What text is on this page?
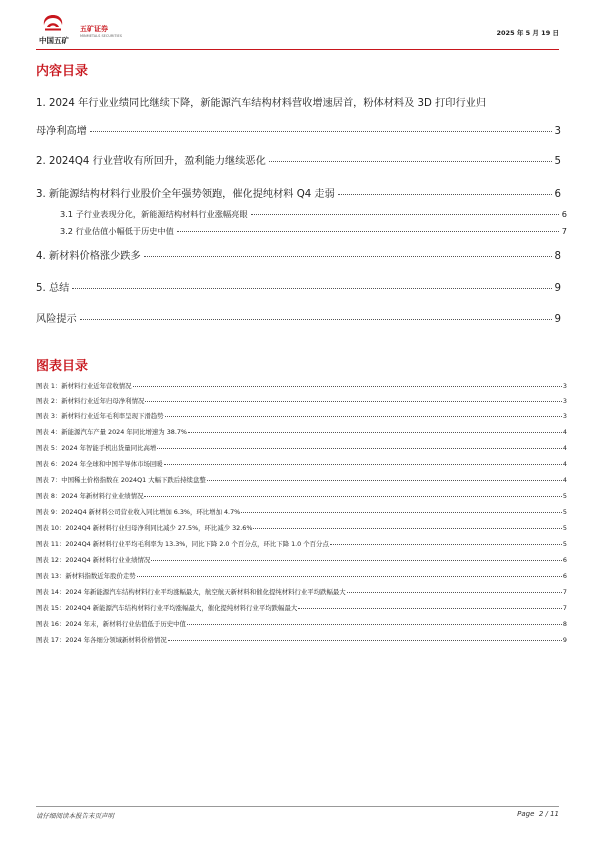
中国五矿
五矿证券
MINMETALS SECURITIES	2025 年 5 月 19 日
内容目录
1. 2024 年行业业绩同比继续下降，新能源汽车结构材料营收增速居首，粉体材料及 3D 打印行业归
母净利高增	3
2. 2024Q4 行业营收有所回升，盈利能力继续恶化	5
3. 新能源结构材料行业股价全年强势领跑，催化提纯材料 Q4 走弱	6
3.1 子行业表现分化，新能源结构材料行业涨幅亮眼	6
3.2 行业估值小幅低于历史中值	7
4. 新材料价格涨少跌多	8
5. 总结	9
风险提示	9
图表目录
图表 1：新材料行业近年营收情况	3
图表 2：新材料行业近年归母净利情况	3
图表 3：新材料行业近年毛利率呈现下滑趋势	3
图表 4：新能源汽车产量 2024 年同比增速为 38.7%	4
图表 5：2024 年智能手机出货量同比高增	4
图表 6：2024 年全球和中国半导体市场回暖	4
图表 7：中国稀土价格指数在 2024Q1 大幅下跌后持续盘整	4
图表 8：2024 年新材料行业业绩情况	5
图表 9：2024Q4 新材料公司营业收入同比增加 6.3%，环比增加 4.7%	5
图表 10：2024Q4 新材料行业归母净利同比减少 27.5%，环比减少 32.6%	5
图表 11：2024Q4 新材料行业平均毛利率为 13.3%，同比下降 2.0 个百分点，环比下降 1.0 个百分点	5
图表 12：2024Q4 新材料行业业绩情况	6
图表 13：新材料指数近年股价走势	6
图表 14：2024 年新能源汽车结构材料行业平均涨幅最大，航空航天新材料和催化提纯材料行业平均跌幅最大	7
图表 15：2024Q4 新能源汽车结构材料行业平均涨幅最大，催化提纯材料行业平均跌幅最大	7
图表 16：2024 年末，新材料行业估值低于历史中值	8
图表 17：2024 年各细分领域新材料价格情况	9
请仔细阅读本报告末页声明	Page 2 / 11
